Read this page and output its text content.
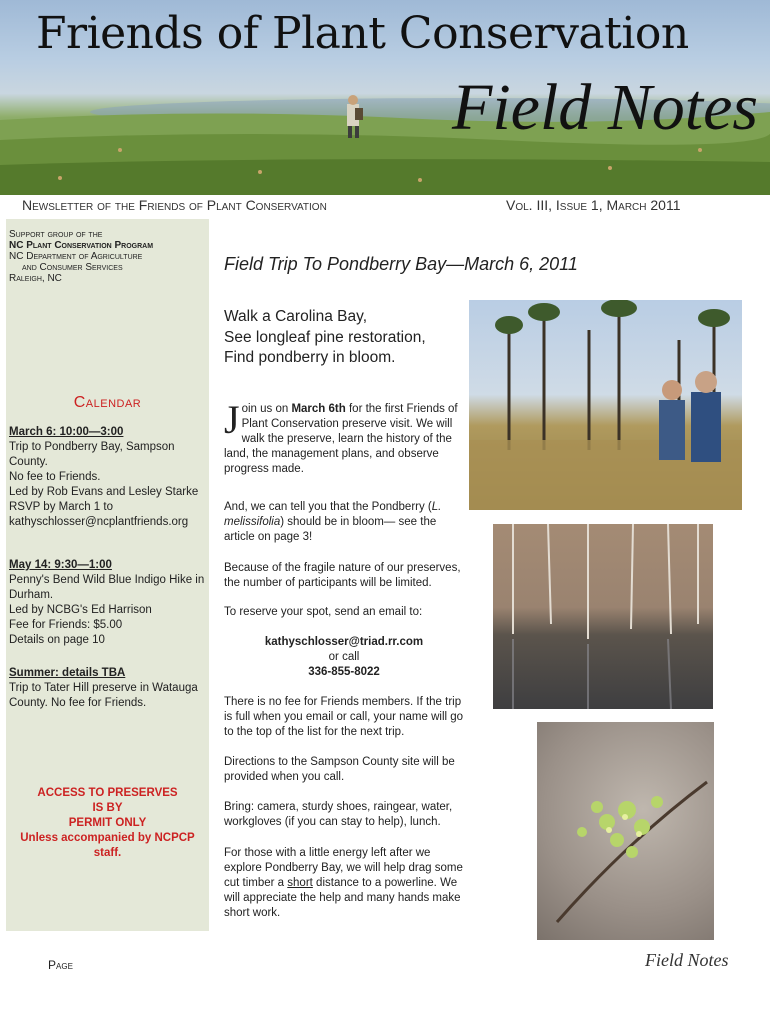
Friends of Plant Conservation
Field Notes
Newsletter of the Friends of Plant Conservation	Vol. III, Issue 1, March 2011
Support group of the
NC Plant Conservation Program
NC Department of Agriculture
and Consumer Services
Raleigh, NC
Calendar
March 6: 10:00—3:00
Trip to Pondberry Bay, Sampson County.
No fee to Friends.
Led by Rob Evans and Lesley Starke
RSVP by March 1 to
kathyschlosser@ncplantfriends.org
May 14: 9:30—1:00
Penny's Bend Wild Blue Indigo Hike in Durham.
Led by NCBG's Ed Harrison
Fee for Friends: $5.00
Details on page 10
Summer: details TBA
Trip to Tater Hill preserve in Watauga County. No fee for Friends.
ACCESS TO PRESERVES
IS BY
PERMIT ONLY
Unless accompanied by NCPCP staff.
Field Trip To Pondberry Bay—March 6, 2011
Walk a Carolina Bay,
See longleaf pine restoration,
Find pondberry in bloom.
Join us on March 6th for the first Friends of Plant Conservation preserve visit. We will walk the preserve, learn the history of the land, the management plans, and observe progress made.
And, we can tell you that the Pondberry (L. melissifolia) should be in bloom— see the article on page 3!
Because of the fragile nature of our preserves, the number of participants will be limited.
To reserve your spot, send an email to:
kathyschlosser@triad.rr.com
or call
336-855-8022
There is no fee for Friends members. If the trip is full when you email or call, your name will go to the top of the list for the next trip.
Directions to the Sampson County site will be provided when you call.
Bring: camera, sturdy shoes, raingear, water, workgloves (if you can stay to help), lunch.
For those with a little energy left after we explore Pondberry Bay, we will help drag some cut timber a short distance to a powerline. We will appreciate the help and many hands make short work.
Page	Field Notes
